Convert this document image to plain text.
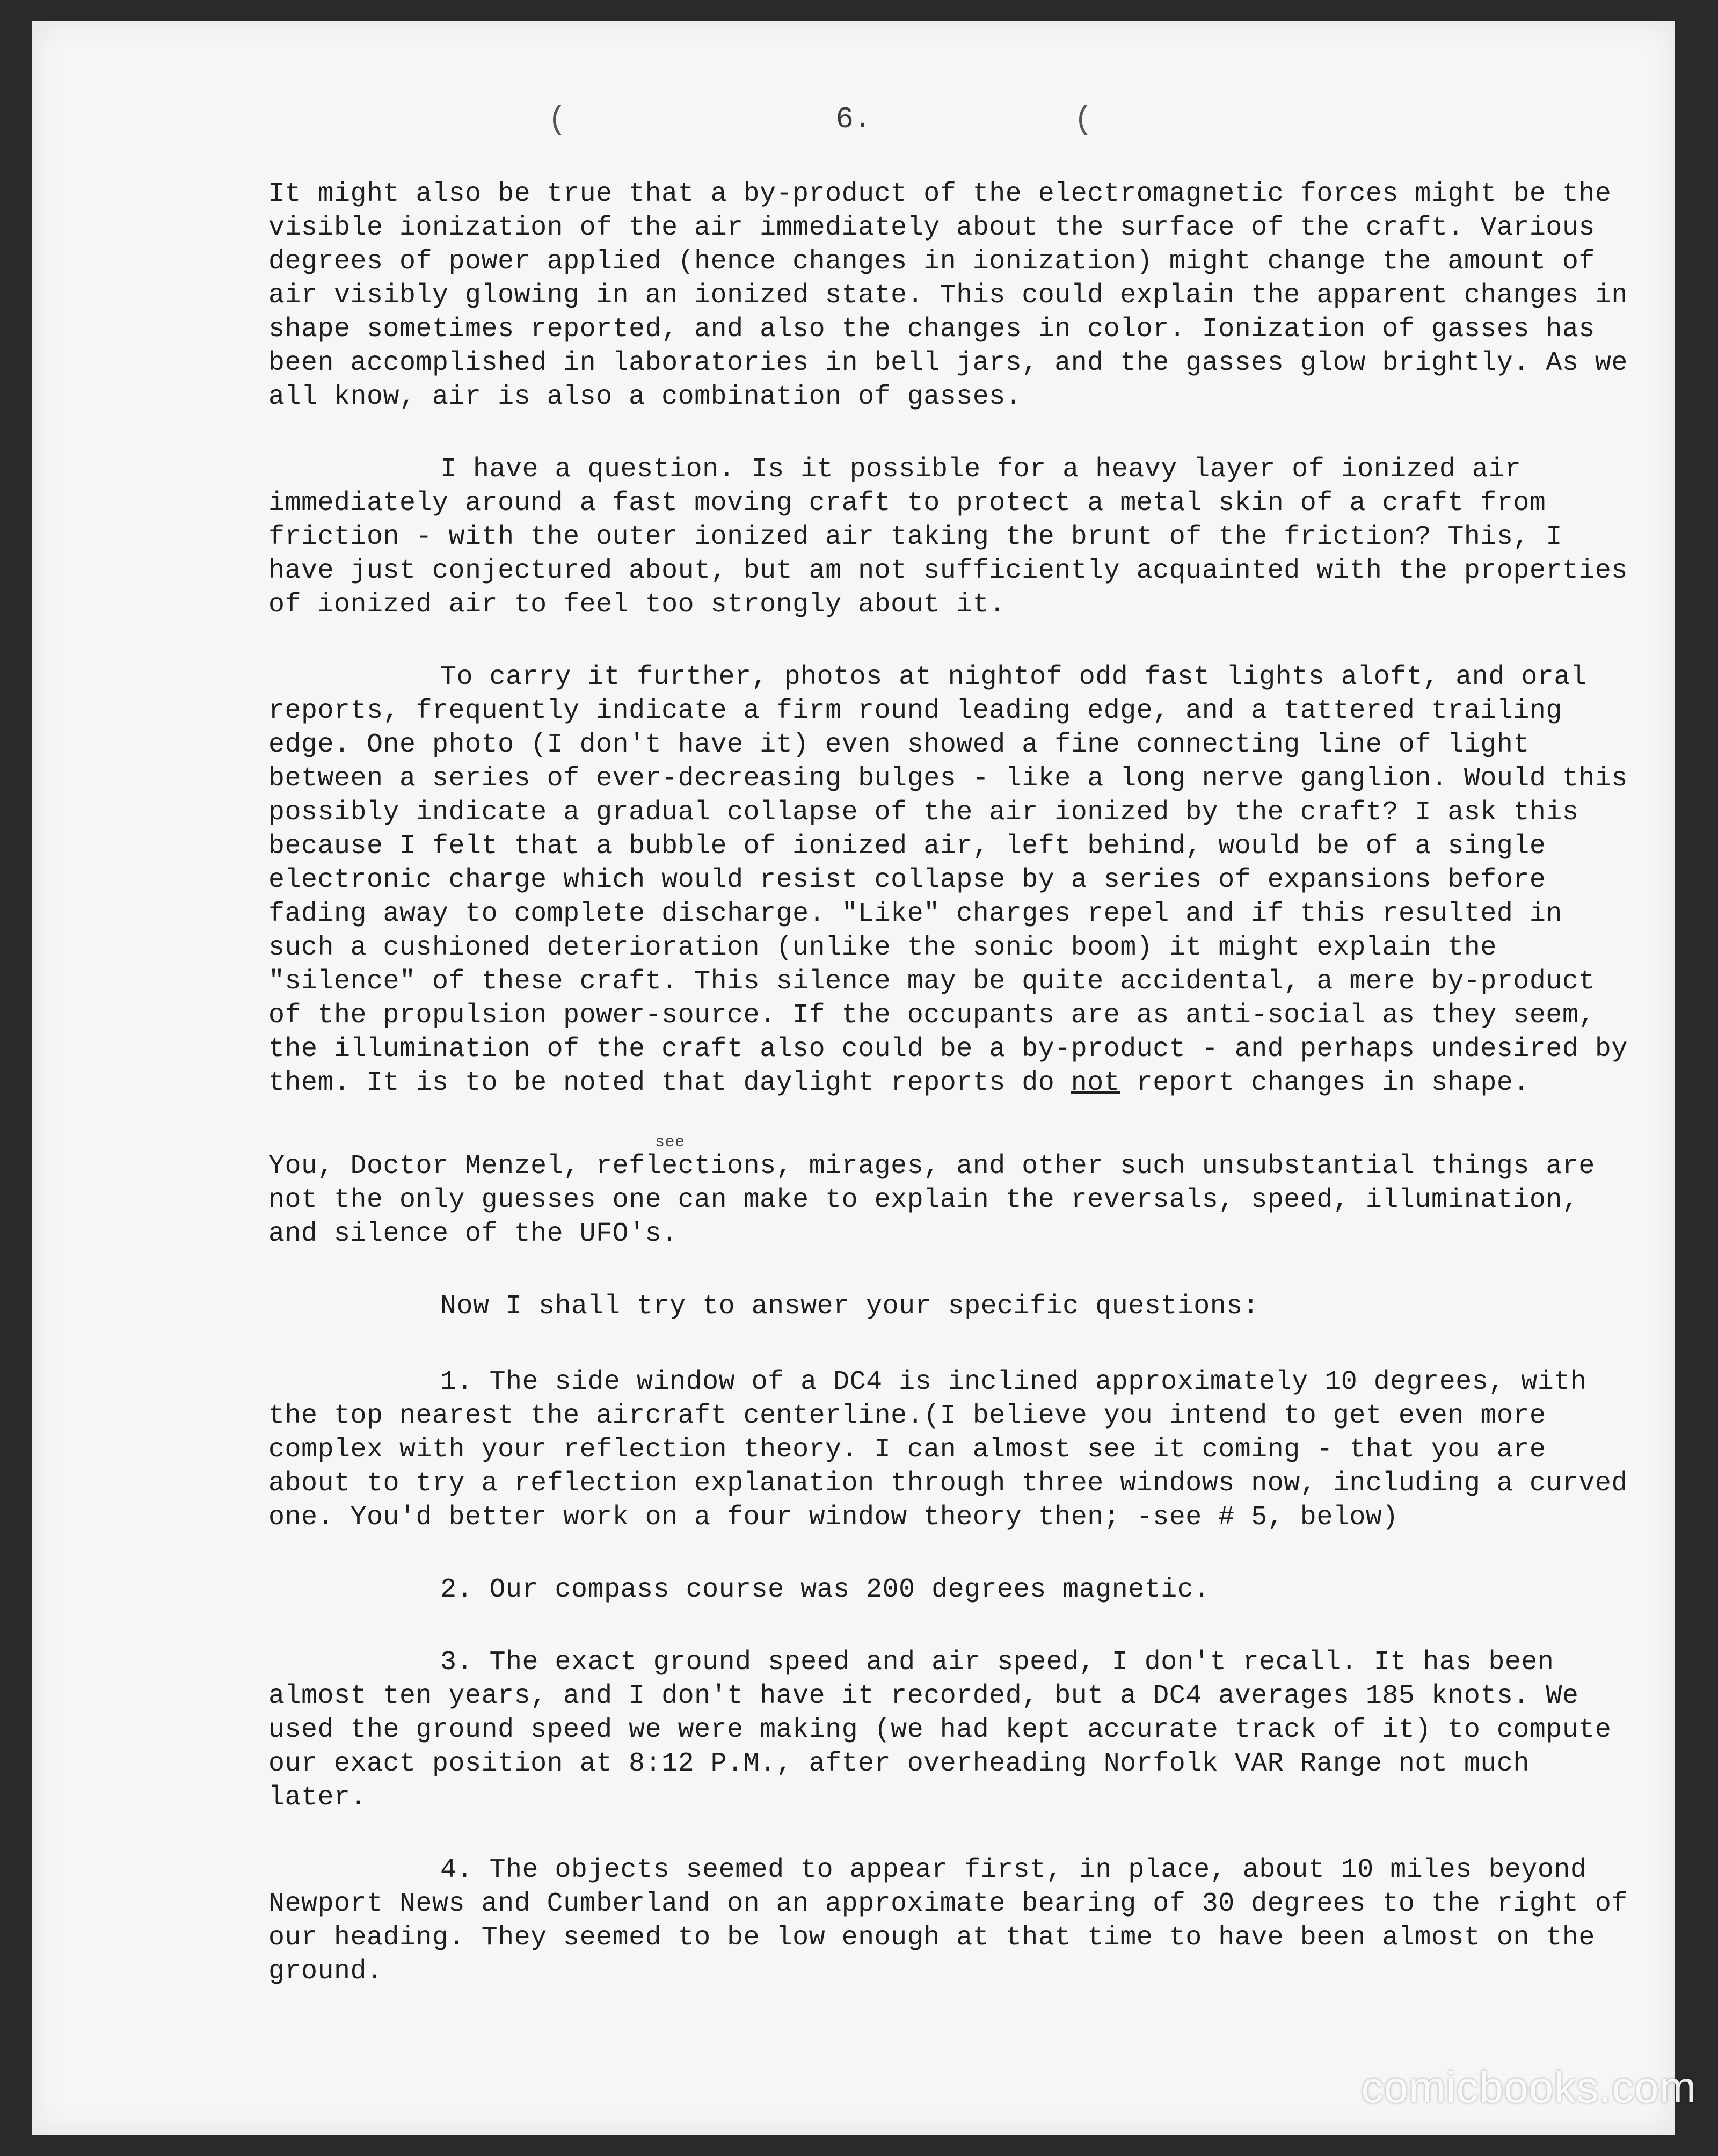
(	(
6.

It might also be true that a by-product of the electromagnetic forces might be the visible ionization of the air immediately about the surface of the craft. Various degrees of power applied (hence changes in ionization) might change the amount of air visibly glowing in an ionized state. This could explain the apparent changes in shape sometimes reported, and also the changes in color. Ionization of gasses has been accomplished in laboratories in bell jars, and the gasses glow brightly. As we all know, air is also a combination of gasses.

I have a question. Is it possible for a heavy layer of ionized air immediately around a fast moving craft to protect a metal skin of a craft from friction - with the outer ionized air taking the brunt of the friction? This, I have just conjectured about, but am not sufficiently acquainted with the properties of ionized air to feel too strongly about it.

To carry it further, photos at nightof odd fast lights aloft, and oral reports, frequently indicate a firm round leading edge, and a tattered trailing edge. One photo (I don't have it) even showed a fine connecting line of light between a series of ever-decreasing bulges - like a long nerve ganglion. Would this possibly indicate a gradual collapse of the air ionized by the craft? I ask this because I felt that a bubble of ionized air, left behind, would be of a single electronic charge which would resist collapse by a series of expansions before fading away to complete discharge. "Like" charges repel and if this resulted in such a cushioned deterioration (unlike the sonic boom) it might explain the "silence" of these craft. This silence may be quite accidental, a mere by-product of the propulsion power-source. If the occupants are as anti-social as they seem, the illumination of the craft also could be a by-product - and perhaps undesired by them. It is to be noted that daylight reports do not report changes in shape.

see
You, Doctor Menzel, reflections, mirages, and other such unsubstantial things are not the only guesses one can make to explain the reversals, speed, illumination, and silence of the UFO's.

Now I shall try to answer your specific questions:

1. The side window of a DC4 is inclined approximately 10 degrees, with the top nearest the aircraft centerline.(I believe you intend to get even more complex with your reflection theory. I can almost see it coming - that you are about to try a reflection explanation through three windows now, including a curved one. You'd better work on a four window theory then; -see # 5, below)

2. Our compass course was 200 degrees magnetic.

3. The exact ground speed and air speed, I don't recall. It has been almost ten years, and I don't have it recorded, but a DC4 averages 185 knots. We used the ground speed we were making (we had kept accurate track of it) to compute our exact position at 8:12 P.M., after overheading Norfolk VAR Range not much later.

4. The objects seemed to appear first, in place, about 10 miles beyond Newport News and Cumberland on an approximate bearing of 30 degrees to the right of our heading. They seemed to be low enough at that time to have been almost on the ground.

comicbooks.com
